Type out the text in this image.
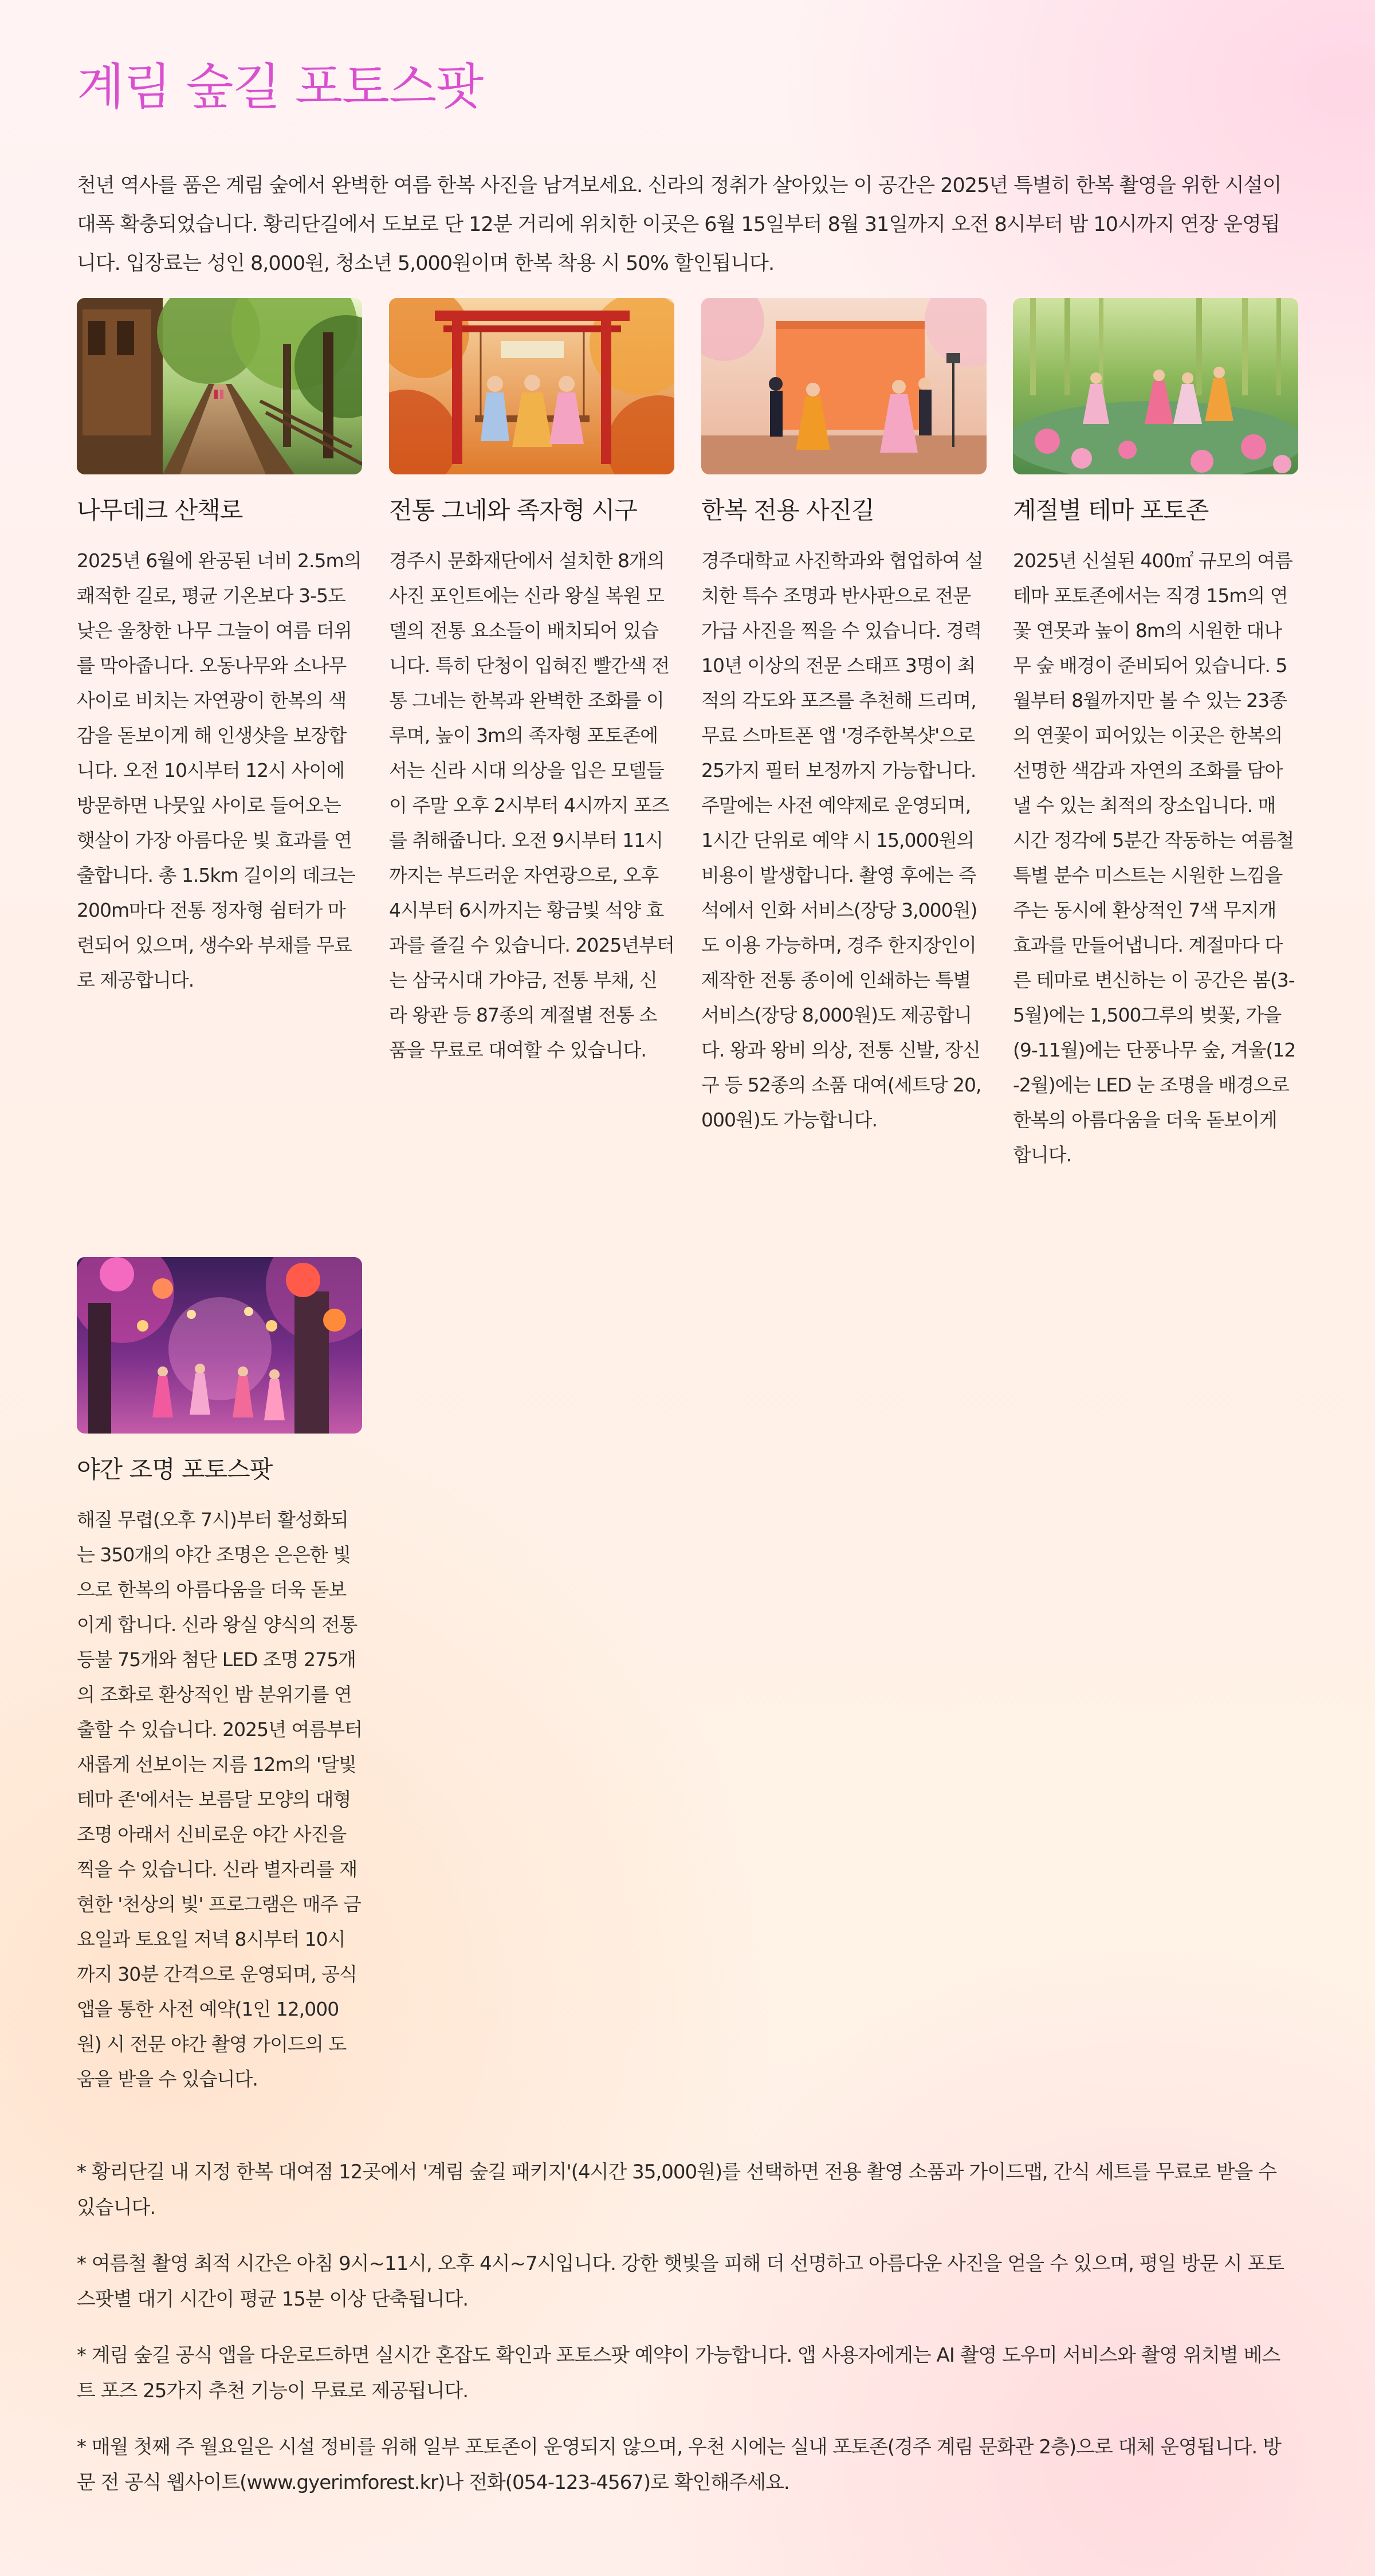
계림 숲길 포토스팟

천년 역사를 품은 계림 숲에서 완벽한 여름 한복 사진을 남겨보세요. 신라의 정취가 살아있는 이 공간은 2025년 특별히 한복 촬영을 위한 시설이 대폭 확충되었습니다. 황리단길에서 도보로 단 12분 거리에 위치한 이곳은 6월 15일부터 8월 31일까지 오전 8시부터 밤 10시까지 연장 운영됩니다. 입장료는 성인 8,000원, 청소년 5,000원이며 한복 착용 시 50% 할인됩니다.

나무데크 산책로

2025년 6월에 완공된 너비 2.5m의 쾌적한 길로, 평균 기온보다 3-5도 낮은 울창한 나무 그늘이 여름 더위를 막아줍니다. 오동나무와 소나무 사이로 비치는 자연광이 한복의 색감을 돋보이게 해 인생샷을 보장합니다. 오전 10시부터 12시 사이에 방문하면 나뭇잎 사이로 들어오는 햇살이 가장 아름다운 빛 효과를 연출합니다. 총 1.5km 길이의 데크는 200m마다 전통 정자형 쉼터가 마련되어 있으며, 생수와 부채를 무료로 제공합니다.

전통 그네와 족자형 시구

경주시 문화재단에서 설치한 8개의 사진 포인트에는 신라 왕실 복원 모델의 전통 요소들이 배치되어 있습니다. 특히 단청이 입혀진 빨간색 전통 그네는 한복과 완벽한 조화를 이루며, 높이 3m의 족자형 포토존에서는 신라 시대 의상을 입은 모델들이 주말 오후 2시부터 4시까지 포즈를 취해줍니다. 오전 9시부터 11시까지는 부드러운 자연광으로, 오후 4시부터 6시까지는 황금빛 석양 효과를 즐길 수 있습니다. 2025년부터는 삼국시대 가야금, 전통 부채, 신라 왕관 등 87종의 계절별 전통 소품을 무료로 대여할 수 있습니다.

한복 전용 사진길

경주대학교 사진학과와 협업하여 설치한 특수 조명과 반사판으로 전문가급 사진을 찍을 수 있습니다. 경력 10년 이상의 전문 스태프 3명이 최적의 각도와 포즈를 추천해 드리며, 무료 스마트폰 앱 '경주한복샷'으로 25가지 필터 보정까지 가능합니다. 주말에는 사전 예약제로 운영되며, 1시간 단위로 예약 시 15,000원의 비용이 발생합니다. 촬영 후에는 즉석에서 인화 서비스(장당 3,000원)도 이용 가능하며, 경주 한지장인이 제작한 전통 종이에 인쇄하는 특별 서비스(장당 8,000원)도 제공합니다. 왕과 왕비 의상, 전통 신발, 장신구 등 52종의 소품 대여(세트당 20,000원)도 가능합니다.

계절별 테마 포토존

2025년 신설된 400㎡ 규모의 여름 테마 포토존에서는 직경 15m의 연꽃 연못과 높이 8m의 시원한 대나무 숲 배경이 준비되어 있습니다. 5월부터 8월까지만 볼 수 있는 23종의 연꽃이 피어있는 이곳은 한복의 선명한 색감과 자연의 조화를 담아낼 수 있는 최적의 장소입니다. 매 시간 정각에 5분간 작동하는 여름철 특별 분수 미스트는 시원한 느낌을 주는 동시에 환상적인 7색 무지개 효과를 만들어냅니다. 계절마다 다른 테마로 변신하는 이 공간은 봄(3-5월)에는 1,500그루의 벚꽃, 가을(9-11월)에는 단풍나무 숲, 겨울(12-2월)에는 LED 눈 조명을 배경으로 한복의 아름다움을 더욱 돋보이게 합니다.

야간 조명 포토스팟

해질 무렵(오후 7시)부터 활성화되는 350개의 야간 조명은 은은한 빛으로 한복의 아름다움을 더욱 돋보이게 합니다. 신라 왕실 양식의 전통 등불 75개와 첨단 LED 조명 275개의 조화로 환상적인 밤 분위기를 연출할 수 있습니다. 2025년 여름부터 새롭게 선보이는 지름 12m의 '달빛 테마 존'에서는 보름달 모양의 대형 조명 아래서 신비로운 야간 사진을 찍을 수 있습니다. 신라 별자리를 재현한 '천상의 빛' 프로그램은 매주 금요일과 토요일 저녁 8시부터 10시까지 30분 간격으로 운영되며, 공식 앱을 통한 사전 예약(1인 12,000원) 시 전문 야간 촬영 가이드의 도움을 받을 수 있습니다.

* 황리단길 내 지정 한복 대여점 12곳에서 '계림 숲길 패키지'(4시간 35,000원)를 선택하면 전용 촬영 소품과 가이드맵, 간식 세트를 무료로 받을 수 있습니다.

* 여름철 촬영 최적 시간은 아침 9시~11시, 오후 4시~7시입니다. 강한 햇빛을 피해 더 선명하고 아름다운 사진을 얻을 수 있으며, 평일 방문 시 포토스팟별 대기 시간이 평균 15분 이상 단축됩니다.

* 계림 숲길 공식 앱을 다운로드하면 실시간 혼잡도 확인과 포토스팟 예약이 가능합니다. 앱 사용자에게는 AI 촬영 도우미 서비스와 촬영 위치별 베스트 포즈 25가지 추천 기능이 무료로 제공됩니다.

* 매월 첫째 주 월요일은 시설 정비를 위해 일부 포토존이 운영되지 않으며, 우천 시에는 실내 포토존(경주 계림 문화관 2층)으로 대체 운영됩니다. 방문 전 공식 웹사이트(www.gyerimforest.kr)나 전화(054-123-4567)로 확인해주세요.
